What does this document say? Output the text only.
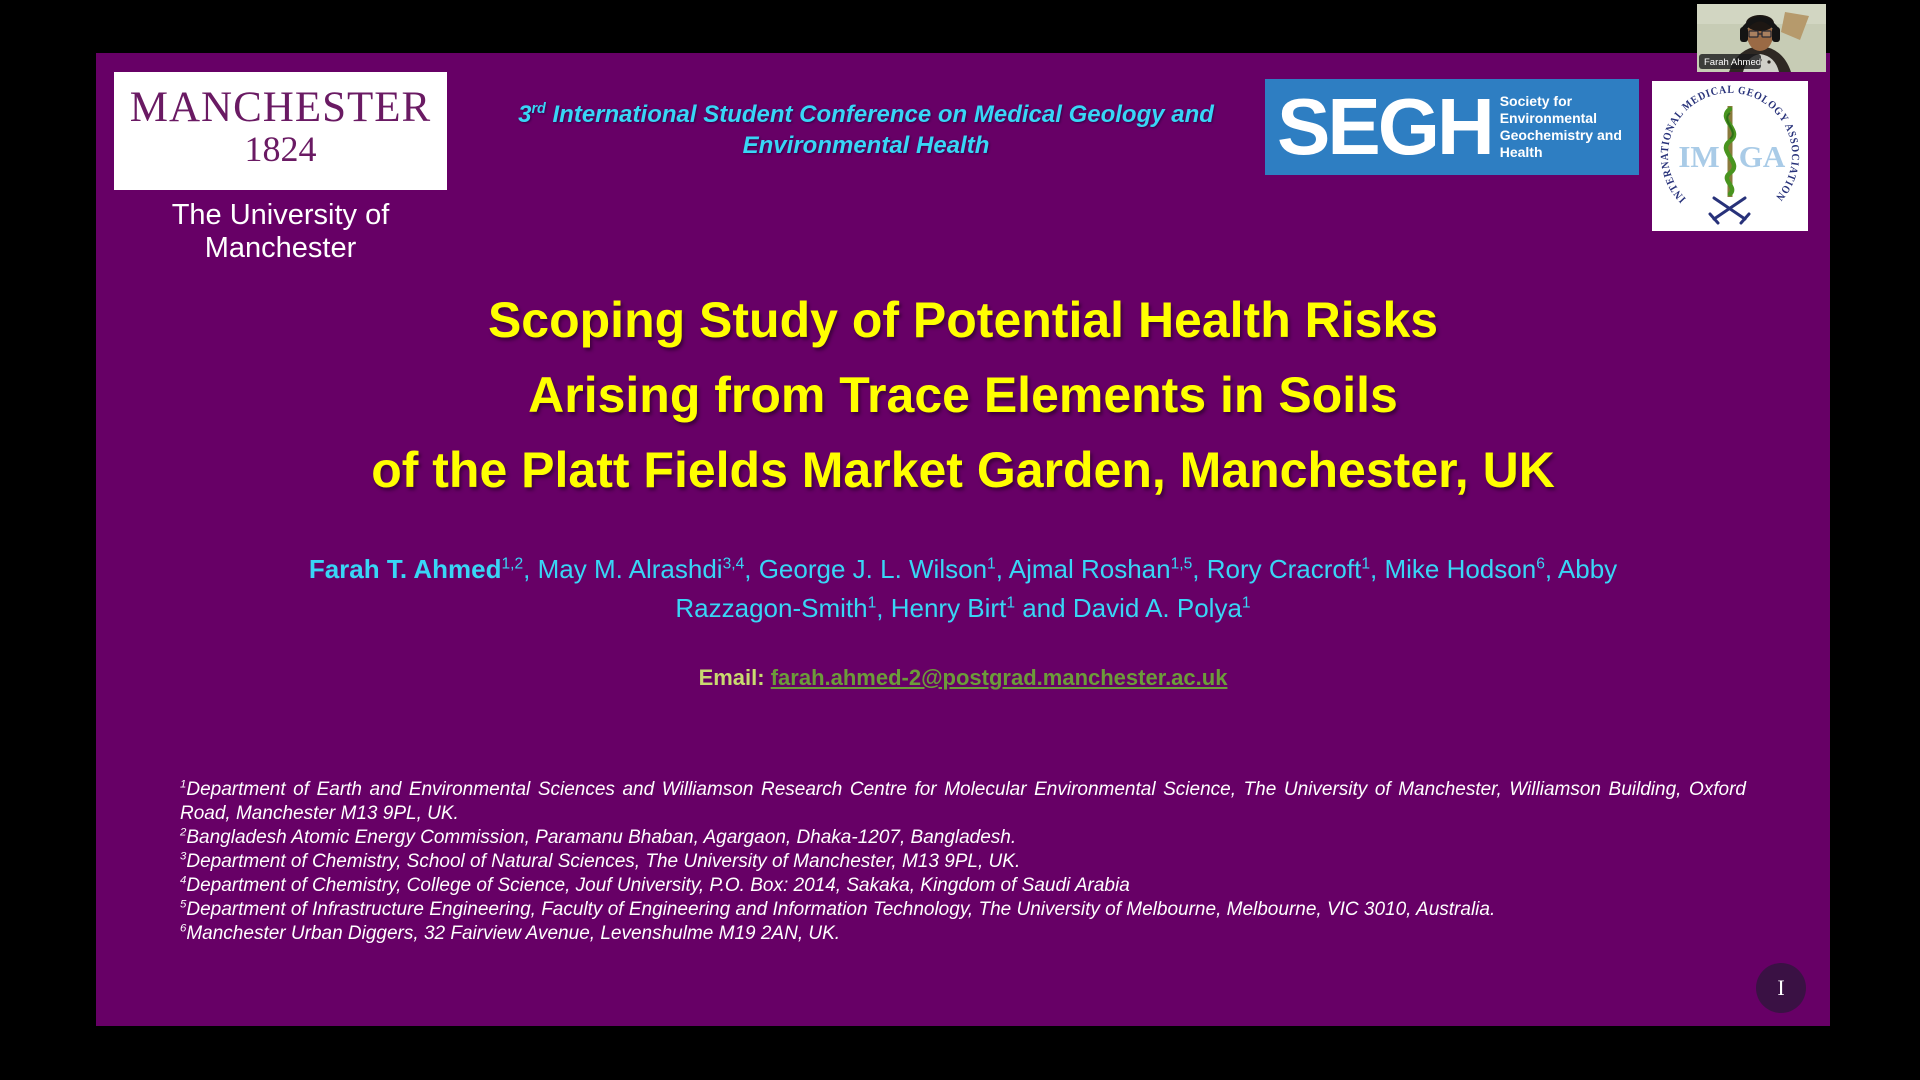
MANCHESTER
1824
The University of Manchester
3rd International Student Conference on Medical Geology and
Environmental Health	SEGH Society for
Environmental
Geochemistry and
Health
INTERNATIONAL MEDICAL GEOLOGY ASSOCIATION
IM GA
Scoping Study of Potential Health Risks
Arising from Trace Elements in Soils
of the Platt Fields Market Garden, Manchester, UK
Farah T. Ahmed$^{1,2}$, May M. Alrashdi$^{3,4}$, George J. L. Wilson$^1$, Ajmal Roshan$^{1,5}$, Rory Cracroft$^1$, Mike Hodson$^6$, Abby
Razzagon-Smith$^1$, Henry Birt$^1$ and David A. Polya$^1$
Email: farah.ahmed-2@postgrad.manchester.ac.uk

$^1$Department of Earth and Environmental Sciences and Williamson Research Centre for Molecular Environmental Science, The University of Manchester, Williamson Building, Oxford Road, Manchester M13 9PL, UK.

$^2$Bangladesh Atomic Energy Commission, Paramanu Bhaban, Agargaon, Dhaka-1207, Bangladesh.

$^3$Department of Chemistry, School of Natural Sciences, The University of Manchester, M13 9PL, UK.

$^4$Department of Chemistry, College of Science, Jouf University, P.O. Box: 2014, Sakaka, Kingdom of Saudi Arabia

$^5$Department of Infrastructure Engineering, Faculty of Engineering and Information Technology, The University of Melbourne, Melbourne, VIC 3010, Australia.

$^6$Manchester Urban Diggers, 32 Fairview Avenue, Levenshulme M19 2AN, UK.

I
Farah Ahmed
